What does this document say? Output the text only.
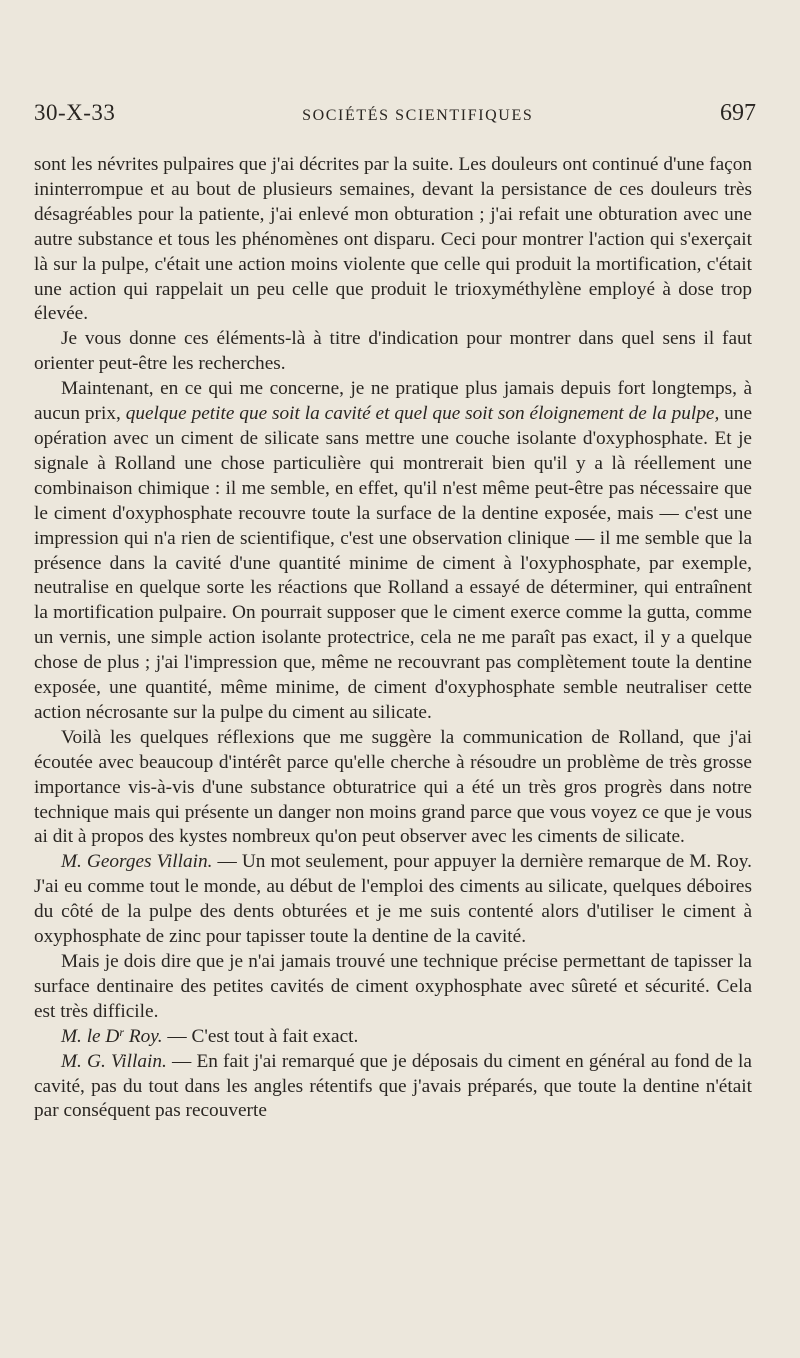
30-X-33	SOCIÉTÉS SCIENTIFIQUES	697

sont les névrites pulpaires que j'ai décrites par la suite. Les douleurs ont continué d'une façon ininterrompue et au bout de plusieurs semaines, devant la persistance de ces douleurs très désagréables pour la patiente, j'ai enlevé mon obturation ; j'ai refait une obturation avec une autre substance et tous les phénomènes ont disparu. Ceci pour montrer l'action qui s'exerçait là sur la pulpe, c'était une action moins violente que celle qui produit la mortification, c'était une action qui rappelait un peu celle que produit le trioxyméthylène employé à dose trop élevée.

Je vous donne ces éléments-là à titre d'indication pour montrer dans quel sens il faut orienter peut-être les recherches.

Maintenant, en ce qui me concerne, je ne pratique plus jamais depuis fort longtemps, à aucun prix, quelque petite que soit la cavité et quel que soit son éloignement de la pulpe, une opération avec un ciment de silicate sans mettre une couche isolante d'oxyphosphate. Et je signale à Rolland une chose particulière qui montrerait bien qu'il y a là réellement une combinaison chimique : il me semble, en effet, qu'il n'est même peut-être pas nécessaire que le ciment d'oxyphosphate recouvre toute la surface de la dentine exposée, mais — c'est une impression qui n'a rien de scientifique, c'est une observation clinique — il me semble que la présence dans la cavité d'une quantité minime de ciment à l'oxyphosphate, par exemple, neutralise en quelque sorte les réactions que Rolland a essayé de déterminer, qui entraînent la mortification pulpaire. On pourrait supposer que le ciment exerce comme la gutta, comme un vernis, une simple action isolante protectrice, cela ne me paraît pas exact, il y a quelque chose de plus ; j'ai l'impression que, même ne recouvrant pas complètement toute la dentine exposée, une quantité, même minime, de ciment d'oxyphosphate semble neutraliser cette action nécrosante sur la pulpe du ciment au silicate.

Voilà les quelques réflexions que me suggère la communication de Rolland, que j'ai écoutée avec beaucoup d'intérêt parce qu'elle cherche à résoudre un problème de très grosse importance vis-à-vis d'une substance obturatrice qui a été un très gros progrès dans notre technique mais qui présente un danger non moins grand parce que vous voyez ce que je vous ai dit à propos des kystes nombreux qu'on peut observer avec les ciments de silicate.

M. Georges Villain. — Un mot seulement, pour appuyer la dernière remarque de M. Roy. J'ai eu comme tout le monde, au début de l'emploi des ciments au silicate, quelques déboires du côté de la pulpe des dents obturées et je me suis contenté alors d'utiliser le ciment à oxyphosphate de zinc pour tapisser toute la dentine de la cavité.

Mais je dois dire que je n'ai jamais trouvé une technique précise permettant de tapisser la surface dentinaire des petites cavités de ciment oxyphosphate avec sûreté et sécurité. Cela est très difficile.

M. le $D^r$ Roy. — C'est tout à fait exact.

M. G. Villain. — En fait j'ai remarqué que je déposais du ciment en général au fond de la cavité, pas du tout dans les angles rétentifs que j'avais préparés, que toute la dentine n'était par conséquent pas recouverte
